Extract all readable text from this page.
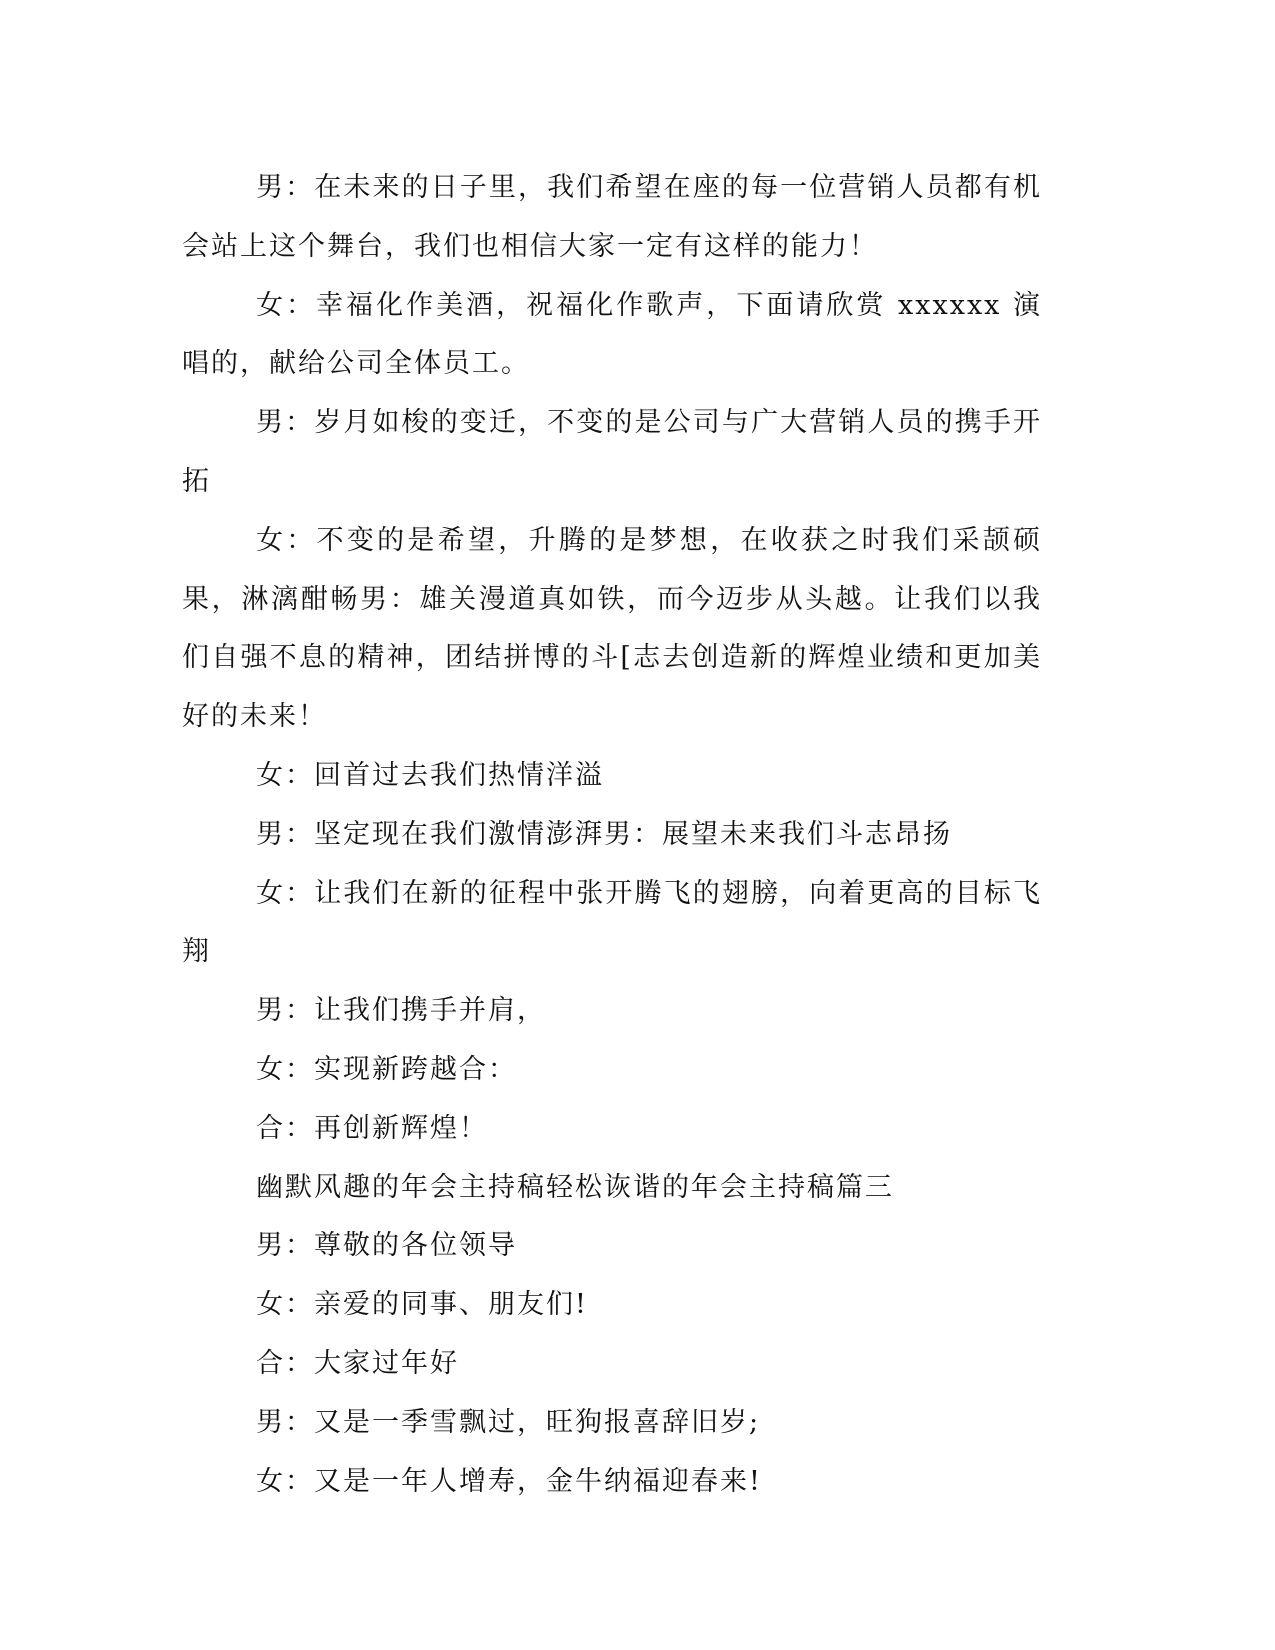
男：在未来的日子里，我们希望在座的每一位营销人员都有机会站上这个舞台，我们也相信大家一定有这样的能力！

女：幸福化作美酒，祝福化作歌声，下面请欣赏 xxxxxx 演唱的，献给公司全体员工。

男：岁月如梭的变迁，不变的是公司与广大营销人员的携手开拓

女：不变的是希望，升腾的是梦想，在收获之时我们采颉硕果，淋漓酣畅男：雄关漫道真如铁，而今迈步从头越。让我们以我们自强不息的精神，团结拼博的斗[志去创造新的辉煌业绩和更加美好的未来！

女：回首过去我们热情洋溢

男：坚定现在我们激情澎湃男：展望未来我们斗志昂扬

女：让我们在新的征程中张开腾飞的翅膀，向着更高的目标飞翔

男：让我们携手并肩，

女：实现新跨越合：

合：再创新辉煌！

幽默风趣的年会主持稿轻松诙谐的年会主持稿篇三

男：尊敬的各位领导

女：亲爱的同事、朋友们!

合：大家过年好

男：又是一季雪飘过，旺狗报喜辞旧岁;

女：又是一年人增寿，金牛纳福迎春来!
